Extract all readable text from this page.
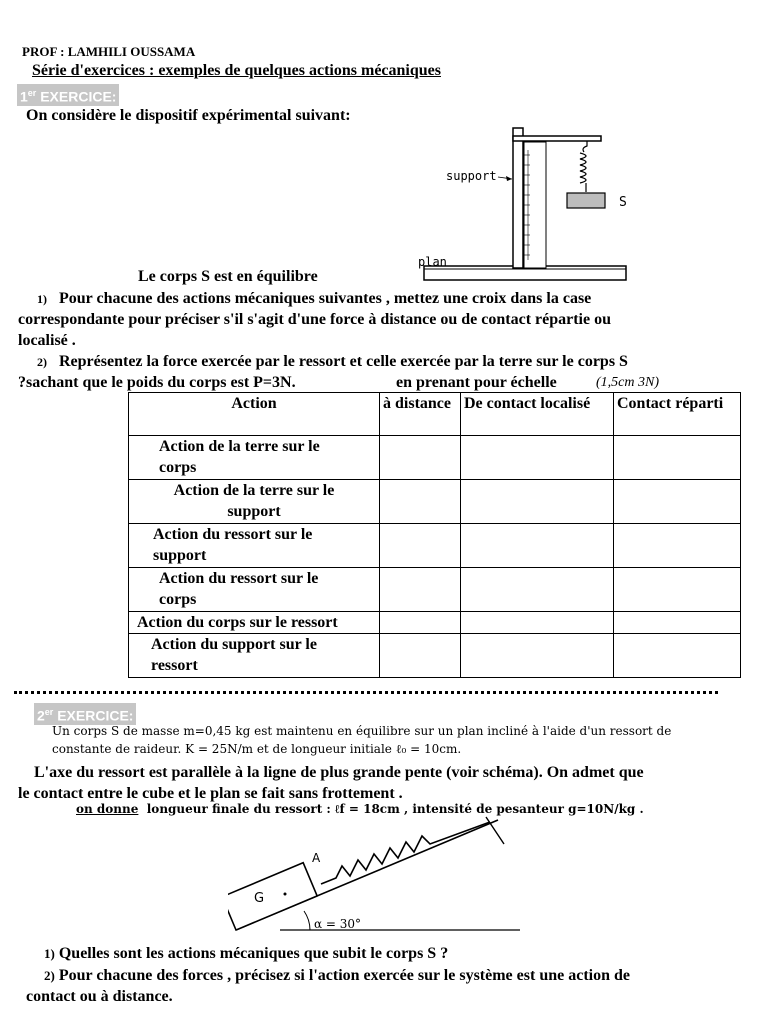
PROF : LAMHILI OUSSAMA
Série d'exercices : exemples de quelques actions mécaniques
1er EXERCICE:
On considère le dispositif expérimental suivant:
support
S
plan
Le corps S est en équilibre
1) Pour chacune des actions mécaniques suivantes , mettez une croix dans la case
correspondante pour préciser s'il s'agit d'une force à distance ou de contact répartie ou
localisé .
2) Représentez la force exercée par le ressort et celle exercée par la terre sur le corps S
?sachant que le poids du corps est P=3N.	en prenant pour échelle	(1,5cm 3N)
Action	à distance	De contact localisé	Contact réparti
Action de la terre sur le corps			
Action de la terre sur le support			
Action du ressort sur le support			
Action du ressort sur le corps			
Action du corps sur le ressort			
Action du support sur le ressort			
2er EXERCICE:
Un corps S de masse m=0,45 kg est maintenu en équilibre sur un plan incliné à l'aide d'un ressort de
constante de raideur. K = 25N/m et de longueur initiale ℓ₀ = 10cm.
L'axe du ressort est parallèle à la ligne de plus grande pente (voir schéma). On admet que
le contact entre le cube et le plan se fait sans frottement .
on donne longueur finale du ressort : ℓf = 18cm , intensité de pesanteur g=10N/kg .
A
G
α = 30°
1) Quelles sont les actions mécaniques que subit le corps S ?
2) Pour chacune des forces , précisez si l'action exercée sur le système est une action de
contact ou à distance.
